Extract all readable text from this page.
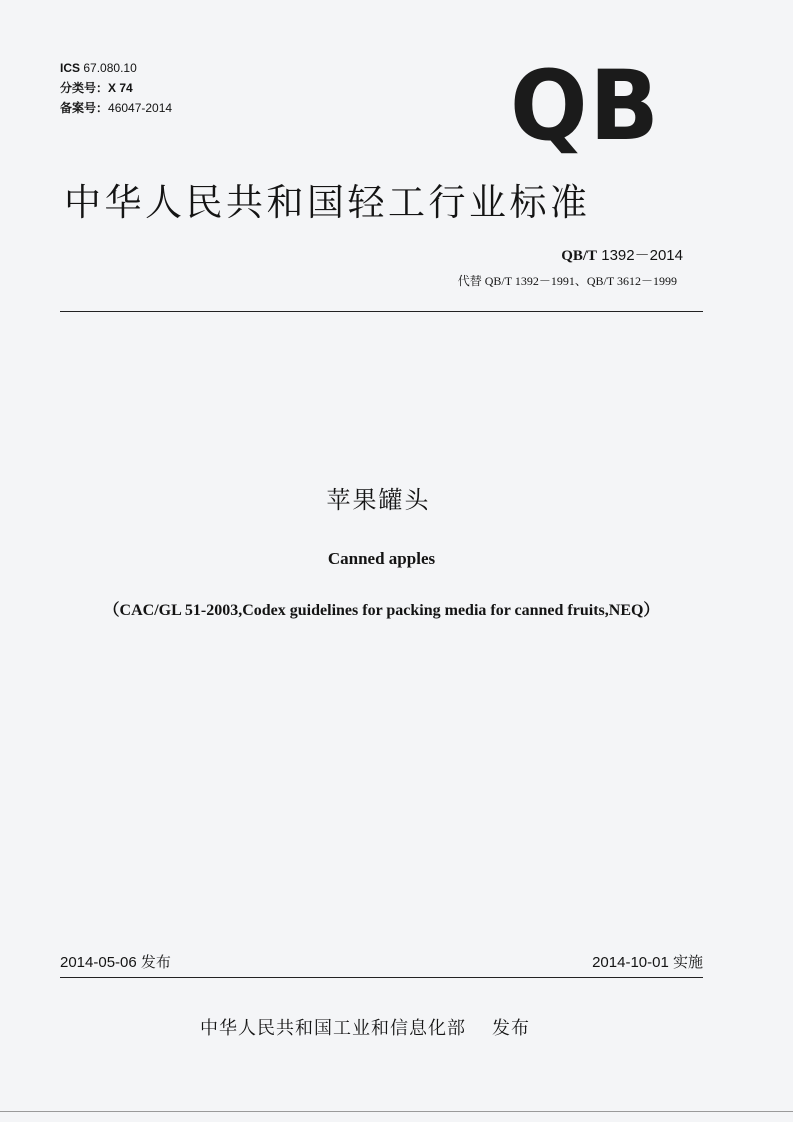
ICS 67.080.10
分类号：X 74
备案号：46047-2014	QB
中华人民共和国轻工行业标准
QB/T 1392－2014
代替 QB/T 1392－1991、QB/T 3612－1999
苹果罐头
Canned apples
（CAC/GL 51-2003,Codex guidelines for packing media for canned fruits,NEQ）
2014-05-06 发布	2014-10-01 实施
中华人民共和国工业和信息化部 发布
